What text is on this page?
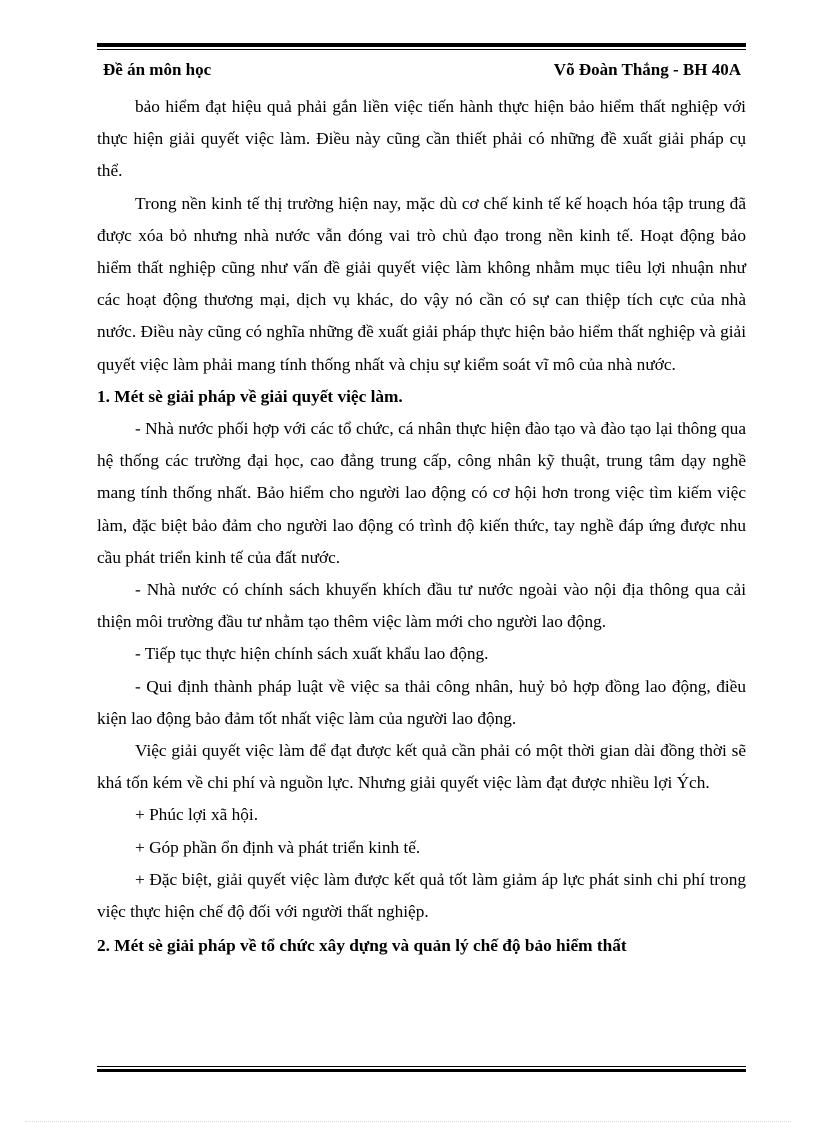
Đề án môn học	Võ Đoàn Thắng - BH 40A

bảo hiểm đạt hiệu quả phải gắn liền việc tiến hành thực hiện bảo hiểm thất nghiệp với thực hiện giải quyết việc làm. Điều này cũng cần thiết phải có những đề xuất giải pháp cụ thể.

Trong nền kinh tế thị trường hiện nay, mặc dù cơ chế kinh tế kế hoạch hóa tập trung đã được xóa bỏ nhưng nhà nước vẫn đóng vai trò chủ đạo trong nền kinh tế. Hoạt động bảo hiểm thất nghiệp cũng như vấn đề giải quyết việc làm không nhằm mục tiêu lợi nhuận như các hoạt động thương mại, dịch vụ khác, do vậy nó cần có sự can thiệp tích cực của nhà nước. Điều này cũng có nghĩa những đề xuất giải pháp thực hiện bảo hiểm thất nghiệp và giải quyết việc làm phải mang tính thống nhất và chịu sự kiểm soát vĩ mô của nhà nước.

1. Mét sè giải pháp về giải quyết việc làm.

- Nhà nước phối hợp với các tổ chức, cá nhân thực hiện đào tạo và đào tạo lại thông qua hệ thống các trường đại học, cao đẳng trung cấp, công nhân kỹ thuật, trung tâm dạy nghề mang tính thống nhất. Bảo hiểm cho người lao động có cơ hội hơn trong việc tìm kiếm việc làm, đặc biệt bảo đảm cho người lao động có trình độ kiến thức, tay nghề đáp ứng được nhu cầu phát triển kinh tế của đất nước.

- Nhà nước có chính sách khuyến khích đầu tư nước ngoài vào nội địa thông qua cải thiện môi trường đầu tư nhằm tạo thêm việc làm mới cho người lao động.

- Tiếp tục thực hiện chính sách xuất khẩu lao động.

- Qui định thành pháp luật về việc sa thải công nhân, huỷ bỏ hợp đồng lao động, điều kiện lao động bảo đảm tốt nhất việc làm của người lao động.

Việc giải quyết việc làm để đạt được kết quả cần phải có một thời gian dài đồng thời sẽ khá tốn kém về chi phí và nguồn lực. Nhưng giải quyết việc làm đạt được nhiều lợi Ých.

+ Phúc lợi xã hội.

+ Góp phần ổn định và phát triển kinh tế.

+ Đặc biệt, giải quyết việc làm được kết quả tốt làm giảm áp lực phát sinh chi phí trong việc thực hiện chế độ đối với người thất nghiệp.

2. Mét sè giải pháp về tổ chức xây dựng và quản lý chế độ bảo hiểm thất
